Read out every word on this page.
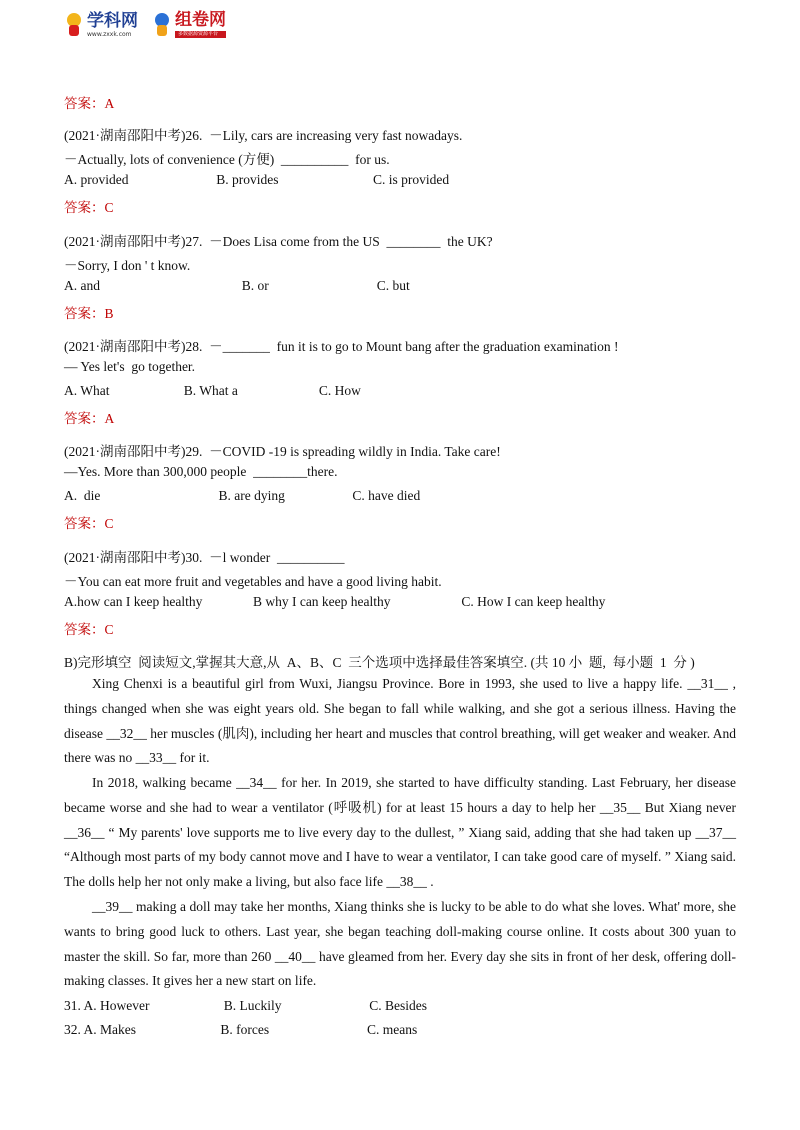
学科网
www.zxxk.com
组卷网
多数据源资源平台
答案：A
(2021·湖南邵阳中考)26.  －Lily, cars are increasing very fast nowadays.
－Actually, lots of convenience (方便)  __________  for us.
A. provided                          B. provides                            C. is provided
答案：C
(2021·湖南邵阳中考)27.  －Does Lisa come from the US  ________  the UK?
－Sorry, I don ' t know.
A. and                                          B. or                                C. but
答案：B
(2021·湖南邵阳中考)28.  －_______  fun it is to go to Mount bang after the graduation examination !
— Yes let's  go together.
A. What                      B. What a                        C. How
答案：A
(2021·湖南邵阳中考)29.  －COVID -19 is spreading wildly in India. Take care!
—Yes. More than 300,000 people  ________there.
A.  die                                   B. are dying                    C. have died
答案：C
(2021·湖南邵阳中考)30.  －l wonder  __________
－You can eat more fruit and vegetables and have a good living habit.
A.how can I keep healthy               B why I can keep healthy                     C. How I can keep healthy
答案：C
B)完形填空  阅读短文,掌握其大意,从  A、B、C  三个选项中选择最佳答案填空. (共 10 小  题,  每小题  1  分 )
31. A. However                      B. Luckily                          C. Besides
32. A. Makes                         B. forces                             C. means
Xing Chenxi is a beautiful girl from Wuxi, Jiangsu Province. Bore in 1993, she used to live a happy life. __31__ , things changed when she was eight years old. She began to fall while walking, and she got a serious illness. Having the disease __32__ her muscles (肌肉), including her heart and muscles that control breathing, will get weaker and weaker. And there was no __33__ for it.
In 2018, walking became __34__ for her. In 2019, she started to have difficulty standing. Last February, her disease became worse and she had to wear a ventilator (呼吸机) for at least 15 hours a day to help her __35__ But Xiang never __36__ “ My parents' love supports me to live every day to the dullest, ” Xiang said, adding that she had taken up __37__ “Although most parts of my body cannot move and I have to wear a ventilator, I can take good care of myself. ” Xiang said. The dolls help her not only make a living, but also face life __38__ .
__39__ making a doll may take her months, Xiang thinks she is lucky to be able to do what she loves. What' more, she wants to bring good luck to others. Last year, she began teaching doll-making course online. It costs about 300 yuan to master the skill. So far, more than 260 __40__ have gleamed from her. Every day she sits in front of her desk, offering doll-making classes. It gives her a new start on life.
